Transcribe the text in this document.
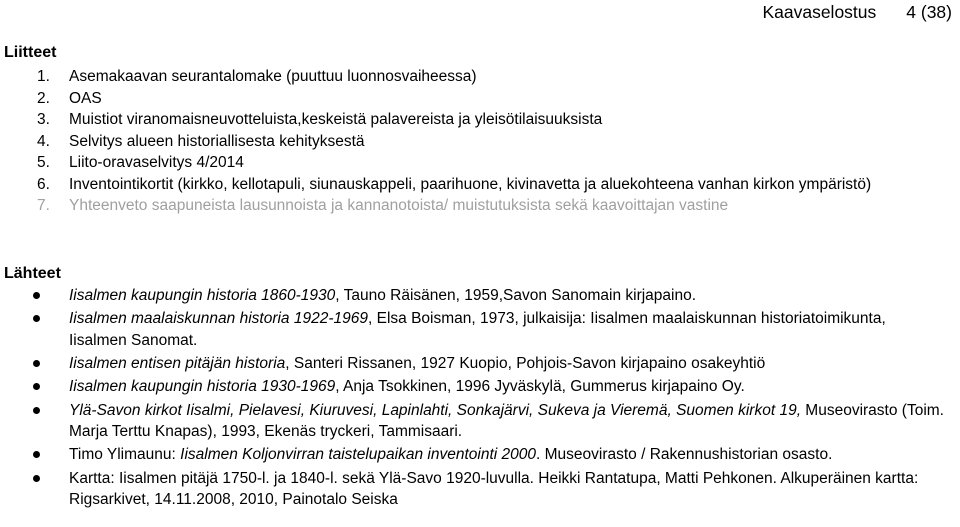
Kaavaselostus 4 (38)
Liitteet
1. Asemakaavan seurantalomake (puuttuu luonnosvaiheessa)
2. OAS
3. Muistiot viranomaisneuvotteluista,keskeistä palavereista ja yleisötilaisuuksista
4. Selvitys alueen historiallisesta kehityksestä
5. Liito-oravaselvitys 4/2014
6. Inventointikortit (kirkko, kellotapuli, siunauskappeli, paarihuone, kivinavetta ja aluekohteena vanhan kirkon ympäristö)
7. Yhteenveto saapuneista lausunnoista ja kannanotoista/ muistutuksista sekä kaavoittajan vastine
Lähteet
Iisalmen kaupungin historia 1860-1930, Tauno Räisänen, 1959,Savon Sanomain kirjapaino.
Iisalmen maalaiskunnan historia 1922-1969, Elsa Boisman, 1973, julkaisija: Iisalmen maalaiskunnan historiatoimikunta, Iisalmen Sanomat.
Iisalmen entisen pitäjän historia, Santeri Rissanen, 1927 Kuopio, Pohjois-Savon kirjapaino osakeyhtiö
Iisalmen kaupungin historia 1930-1969, Anja Tsokkinen, 1996 Jyväskylä, Gummerus kirjapaino Oy.
Ylä-Savon kirkot Iisalmi, Pielavesi, Kiuruvesi, Lapinlahti, Sonkajärvi, Sukeva ja Vieremä, Suomen kirkot 19, Museovirasto (Toim. Marja Terttu Knapas), 1993, Ekenäs tryckeri, Tammisaari.
Timo Ylimaunu: Iisalmen Koljonvirran taistelupaikan inventointi 2000. Museovirasto / Rakennushistorian osasto.
Kartta: Iisalmen pitäjä 1750-l. ja 1840-l. sekä Ylä-Savo 1920-luvulla. Heikki Rantatupa, Matti Pehkonen. Alkuperäinen kartta: Rigsarkivet, 14.11.2008, 2010, Painotalo Seiska
